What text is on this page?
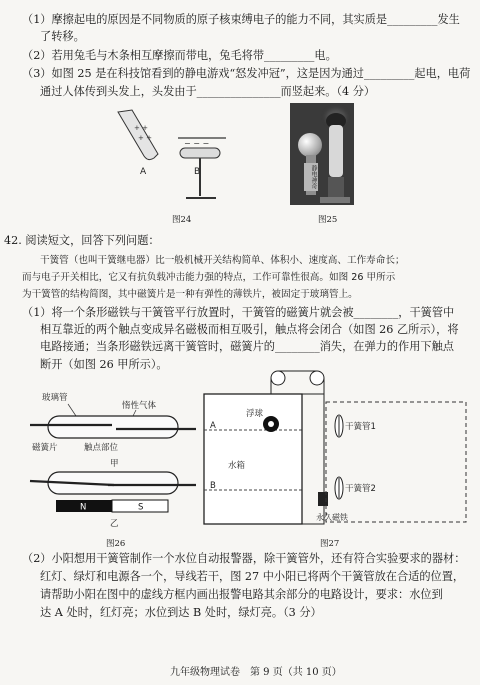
（1）摩擦起电的原因是不同物质的原子核束缚电子的能力不同，其实质是_________发生
了转移。
（2）若用兔毛与木条相互摩擦而带电，兔毛将带_________电。
（3）如图 25 是在科技馆看到的静电游戏“怒发冲冠”，这是因为通过_________起电，电荷
通过人体传到头发上，头发由于_______________而竖起来。（4 分）
+ +
+ +
A
− − −
B
图24
静电神奇
图25
42. 阅读短文，回答下列问题：
干簧管（也叫干簧继电器）比一般机械开关结构简单、体积小、速度高、工作寿命长；
而与电子开关相比，它又有抗负载冲击能力强的特点，工作可靠性很高。如图 26 甲所示
为干簧管的结构简图，其中磁簧片是一种有弹性的薄铁片，被固定于玻璃管上。
（1）将一个条形磁铁与干簧管平行放置时，干簧管的磁簧片就会被________，干簧管中
相互靠近的两个触点变成异名磁极而相互吸引，触点将会闭合（如图 26 乙所示），将
电路接通；当条形磁铁远离干簧管时，磁簧片的________消失，在弹力的作用下触点
断开（如图 26 甲所示）。
玻璃管
惰性气体
磁簧片	触点部位
甲
N	S
乙
图26
浮球
A
水箱
B
永久磁铁
干簧管1
干簧管2
图27
（2）小阳想用干簧管制作一个水位自动报警器，除干簧管外，还有符合实验要求的器材：
红灯、绿灯和电源各一个，导线若干，图 27 中小阳已将两个干簧管放在合适的位置，
请帮助小阳在图中的虚线方框内画出报警电路其余部分的电路设计，要求：水位到
达 A 处时，红灯亮；水位到达 B 处时，绿灯亮。（3 分）
九年级物理试卷　第 9 页（共 10 页）
